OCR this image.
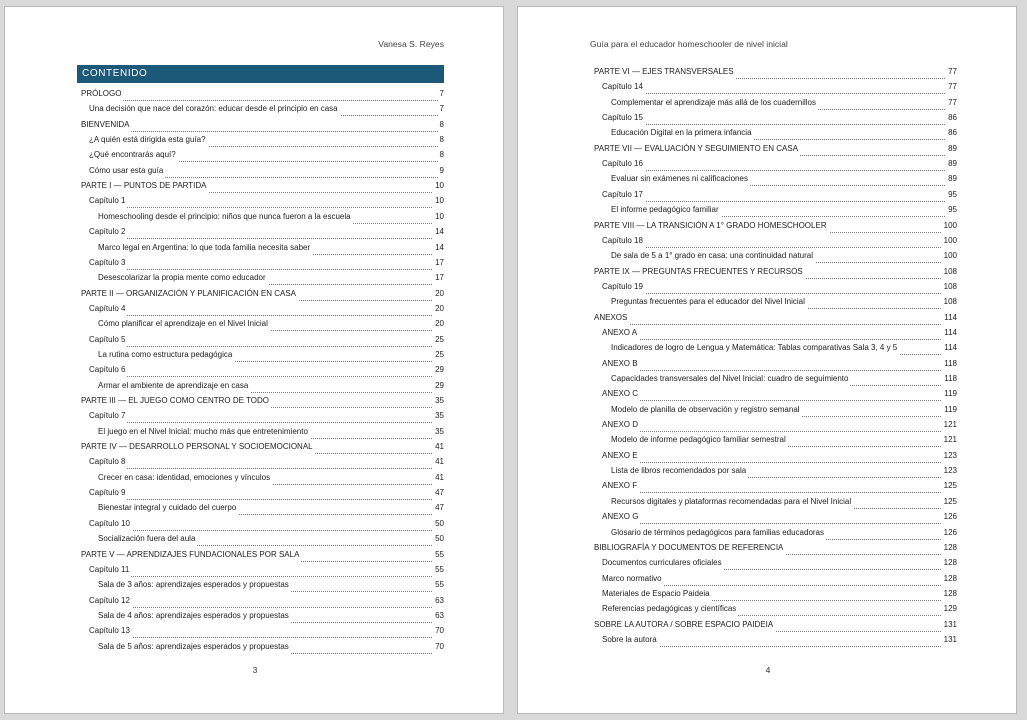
Vanesa S. Reyes
CONTENIDO
PRÓLOGO	7
Una decisión que nace del corazón: educar desde el principio en casa	7
BIENVENIDA	8
¿A quién está dirigida esta guía?	8
¿Qué encontrarás aquí?	8
Cómo usar esta guía	9
PARTE I — PUNTOS DE PARTIDA	10
Capítulo 1	10
Homeschooling desde el principio: niños que nunca fueron a la escuela	10
Capítulo 2	14
Marco legal en Argentina: lo que toda familia necesita saber	14
Capítulo 3	17
Desescolarizar la propia mente como educador	17
PARTE II — ORGANIZACIÓN Y PLANIFICACIÓN EN CASA	20
Capítulo 4	20
Cómo planificar el aprendizaje en el Nivel Inicial	20
Capítulo 5	25
La rutina como estructura pedagógica	25
Capítulo 6	29
Armar el ambiente de aprendizaje en casa	29
PARTE III — EL JUEGO COMO CENTRO DE TODO	35
Capítulo 7	35
El juego en el Nivel Inicial: mucho más que entretenimiento	35
PARTE IV — DESARROLLO PERSONAL Y SOCIOEMOCIONAL	41
Capítulo 8	41
Crecer en casa: identidad, emociones y vínculos	41
Capítulo 9	47
Bienestar integral y cuidado del cuerpo	47
Capítulo 10	50
Socialización fuera del aula	50
PARTE V — APRENDIZAJES FUNDACIONALES POR SALA	55
Capítulo 11	55
Sala de 3 años: aprendizajes esperados y propuestas	55
Capítulo 12	63
Sala de 4 años: aprendizajes esperados y propuestas	63
Capítulo 13	70
Sala de 5 años: aprendizajes esperados y propuestas	70
3
Guía para el educador homeschooler de nivel inicial
PARTE VI — EJES TRANSVERSALES	77
Capítulo 14	77
Complementar el aprendizaje más allá de los cuadernillos	77
Capítulo 15	86
Educación Digital en la primera infancia	86
PARTE VII — EVALUACIÓN Y SEGUIMIENTO EN CASA	89
Capítulo 16	89
Evaluar sin exámenes ni calificaciones	89
Capítulo 17	95
El informe pedagógico familiar	95
PARTE VIII — LA TRANSICIÓN A 1° GRADO HOMESCHOOLER	100
Capítulo 18	100
De sala de 5 a 1° grado en casa: una continuidad natural	100
PARTE IX — PREGUNTAS FRECUENTES Y RECURSOS	108
Capítulo 19	108
Preguntas frecuentes para el educador del Nivel Inicial	108
ANEXOS	114
ANEXO A	114
Indicadores de logro de Lengua y Matemática: Tablas comparativas Sala 3, 4 y 5	114
ANEXO B	118
Capacidades transversales del Nivel Inicial: cuadro de seguimiento	118
ANEXO C	119
Modelo de planilla de observación y registro semanal	119
ANEXO D	121
Modelo de informe pedagógico familiar semestral	121
ANEXO E	123
Lista de libros recomendados por sala	123
ANEXO F	125
Recursos digitales y plataformas recomendadas para el Nivel Inicial	125
ANEXO G	126
Glosario de términos pedagógicos para familias educadoras	126
BIBLIOGRAFÍA Y DOCUMENTOS DE REFERENCIA	128
Documentos curriculares oficiales	128
Marco normativo	128
Materiales de Espacio Paideia	128
Referencias pedagógicas y científicas	129
SOBRE LA AUTORA / SOBRE ESPACIO PAIDEIA	131
Sobre la autora	131
4
